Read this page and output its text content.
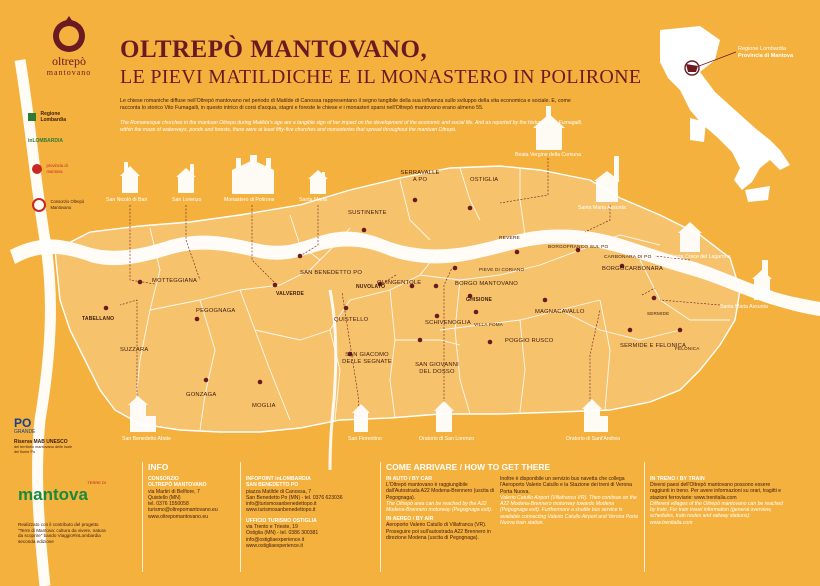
oltrepò
mantovano
OLTREPÒ MANTOVANO,
LE PIEVI MATILDICHE E IL MONASTERO IN POLIRONE
Le chiese romaniche diffuse nell'Oltrepò mantovano nel periodo di Matilde di Canossa rappresentano il segno tangibile della sua influenza sullo sviluppo della vita economica e sociale. E, come racconta lo storico Vito Fumagalli, in questo intrico di corsi d'acqua, stagni e foreste le chiese e i monasteri sparsi nell'Oltrepò mantovano erano almeno 55.
The Romanesque churches in the mantuan Oltrepo during Matilda's age are a tangible sign of her impact on the development of the economic and social life. And as reported by the historian Vito Fumagalli, within the maze of waterways, ponds and forests, there were at least fifty-five churches and monasteries that spread throughout the mantuan Oltrepò.
Regione Lombardia
Provincia di Mantova
Regione Lombardia
inLOMBARDIA
provincia di mantova
Consorzio Oltrepò Mantovano
PO
GRANDE
Riserva MAB UNESCO
del territorio mantovano delle Isole del fiume Po
TERRE DI
mantova
Realizzato con il contributo del progetto "Terre di Mantova: cultura da vivere, natura da scoprire" bando Viaggio#inLombardia seconda edizione
San Nicolò di Bari	San Lorenzo	Monastero di Polirone	Santa Maria
Beata Vergine della Comuna
Santa Maria Assunta
Santa Croce del Lagarone
Santa Maria Assunta
San Benedetto Abate	San Fiorentino	Oratorio di San Lorenzo	Oratorio di Sant'Andrea
MOTTEGGIANA
SUZZARA
GONZAGA
PEGOGNAGA
MOGLIA
SAN BENEDETTO PO
QUISTELLO
SAN GIACOMO DELLE SEGNATE
SUSTINENTE
SERRAVALLE A PO	OSTIGLIA
REVERE
BORGOFRANCO SUL PO
CARBONARA DI PO
BORGOCARBONARA
PIEVE DI CORIANO
QUINGENTOLE	BORGO MANTOVANO
GHISIONE
SCHIVENOGLIA VILLA POMA
MAGNACAVALLO
POGGIO RUSCO
SAN GIOVANNI DEL DOSSO
SERMIDE E FELONICA
SERMIDE
FELONICA
TABELLANO
VALVERDE
NUVOLATO
INFO
CONSORZIO
OLTREPÒ MANTOVANO
via Martiri di Belfiore, 7
Quistello (MN)
tel. 0376 1550058
turismo@oltrepomantovano.eu
www.oltrepomantovano.eu
INFOPOINT inLOMBARDIA
SAN BENEDETTO PO
piazza Matilde di Canossa, 7
San Benedetto Po (MN) - tel. 0376 623036
info@turismosanbenedettopo.it
www.turismosanbenedettopo.it
UFFICIO TURISMO OSTIGLIA
via Trento e Trieste, 19
Ostiglia (MN) - tel. 0386 300381
info@ostigliaexperience.it
www.ostigliaexperience.it
COME ARRIVARE / HOW TO GET THERE
IN AUTO / BY CAR
L'Oltrepò mantovano è raggiungibile dall'Autostrada A22 Modena-Brennero (uscita di Pegognaga).
The Oltrepò area can be reached by the A22 Modena-Brennero motorway (Pegognaga exit).
IN AEREO / BY AIR
Aeroporto Valerio Catullo di Villafranca (VR). Proseguire poi sull'autostrada A22 Brennero in direzione Modena (uscita di Pegognaga).
Inoltre è disponibile un servizio bus navetta che collega l'Aeroporto Valerio Catullo e la Stazione dei treni di Verona Porta Nuova.
Valerio Catullo Airport (Villafranca VR). Then continue on the A22 Modena-Brennero motorway towards Modena (Pegognaga exit). Furthermore a shuttle bus service is available connecting Valerio Catullo Airport and Verona Porta Nuova train station.
IN TRENO / BY TRAIN
Diversi paesi dell'Oltrepò mantovano possono essere raggiunti in treno. Per avere informazioni su orari, tragitti e stazioni ferroviarie: www.trenitalia.com
Different villages of the Oltrepò mantovano can be reached by train. For train travel information (general overview, schedules, train routes and railway stations): www.trenitalia.com
